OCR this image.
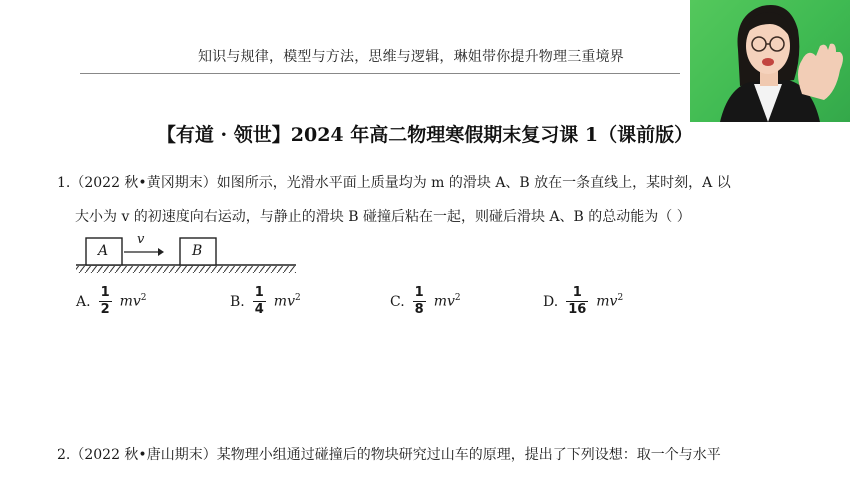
知识与规律，模型与方法，思维与逻辑，琳姐带你提升物理三重境界
【有道 · 领世】2024 年高二物理寒假期末复习课 1（课前版）
1.（2022 秋•黄冈期末）如图所示，光滑水平面上质量均为 m 的滑块 A、B 放在一条直线上，某时刻，A 以
大小为 v 的初速度向右运动，与静止的滑块 B 碰撞后粘在一起，则碰后滑块 A、B 的总动能为（ ）
A	B
v
A. $\frac{1}{2} mv^2$	B. $\frac{1}{4} mv^2$	C. $\frac{1}{8} mv^2$	D. $\frac{1}{16} mv^2$
2.（2022 秋•唐山期末）某物理小组通过碰撞后的物块研究过山车的原理，提出了下列设想：取一个与水平
